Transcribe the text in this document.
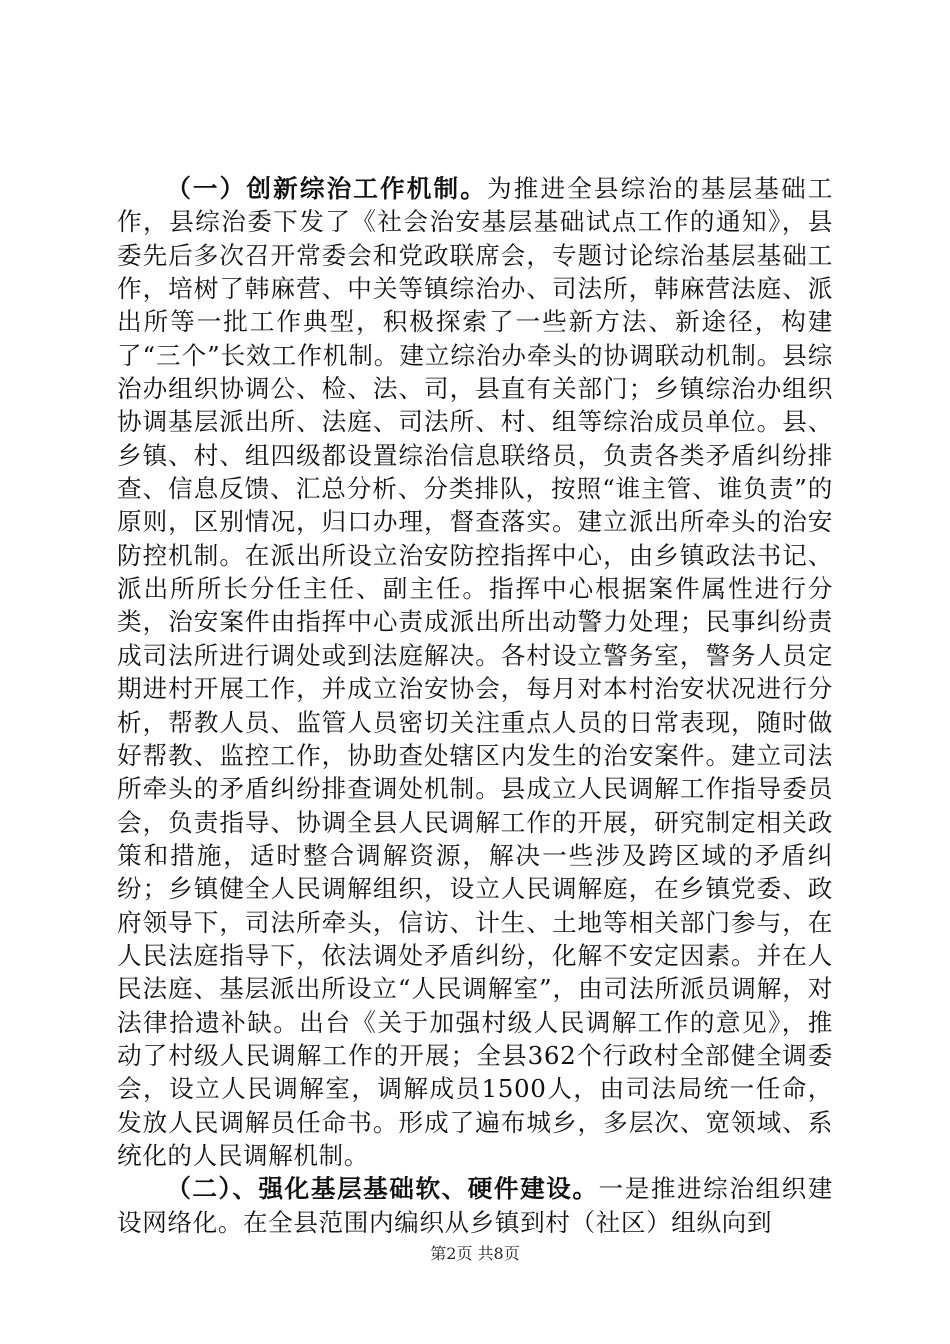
（一）创新综治工作机制。为推进全县综治的基层基础工作，县综治委下发了《社会治安基层基础试点工作的通知》，县委先后多次召开常委会和党政联席会，专题讨论综治基层基础工作，培树了韩麻营、中关等镇综治办、司法所，韩麻营法庭、派出所等一批工作典型，积极探索了一些新方法、新途径，构建了“三个”长效工作机制。建立综治办牵头的协调联动机制。县综治办组织协调公、检、法、司，县直有关部门；乡镇综治办组织协调基层派出所、法庭、司法所、村、组等综治成员单位。县、乡镇、村、组四级都设置综治信息联络员，负责各类矛盾纠纷排查、信息反馈、汇总分析、分类排队，按照“谁主管、谁负责”的原则，区别情况，归口办理，督查落实。建立派出所牵头的治安防控机制。在派出所设立治安防控指挥中心，由乡镇政法书记、派出所所长分任主任、副主任。指挥中心根据案件属性进行分类，治安案件由指挥中心责成派出所出动警力处理；民事纠纷责成司法所进行调处或到法庭解决。各村设立警务室，警务人员定期进村开展工作，并成立治安协会，每月对本村治安状况进行分析，帮教人员、监管人员密切关注重点人员的日常表现，随时做好帮教、监控工作，协助查处辖区内发生的治安案件。建立司法所牵头的矛盾纠纷排查调处机制。县成立人民调解工作指导委员会，负责指导、协调全县人民调解工作的开展，研究制定相关政策和措施，适时整合调解资源，解决一些涉及跨区域的矛盾纠纷；乡镇健全人民调解组织，设立人民调解庭，在乡镇党委、政府领导下，司法所牵头，信访、计生、土地等相关部门参与，在人民法庭指导下，依法调处矛盾纠纷，化解不安定因素。并在人民法庭、基层派出所设立“人民调解室”，由司法所派员调解，对法律拾遗补缺。出台《关于加强村级人民调解工作的意见》，推动了村级人民调解工作的开展；全县362个行政村全部健全调委会，设立人民调解室，调解成员1500人，由司法局统一任命，发放人民调解员任命书。形成了遍布城乡，多层次、宽领域、系统化的人民调解机制。

（二）、强化基层基础软、硬件建设。一是推进综治组织建设网络化。在全县范围内编织从乡镇到村（社区）组纵向到

第2页 共8页
